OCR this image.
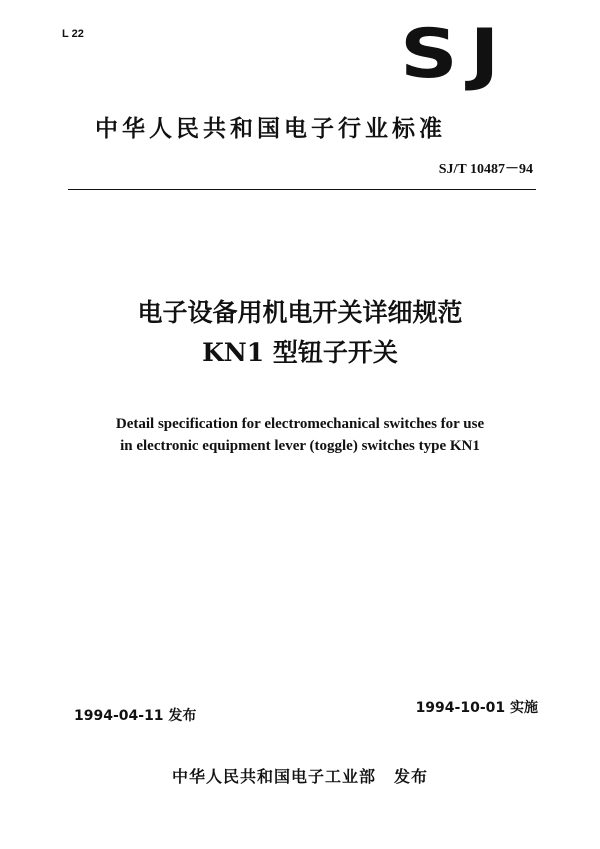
L 22	SJ
中华人民共和国电子行业标准
SJ/T 10487－94
电子设备用机电开关详细规范
KN1 型钮子开关
Detail specification for electromechanical switches for use
in electronic equipment lever (toggle) switches type KN1
1994-04-11 发布	1994-10-01 实施
中华人民共和国电子工业部 发布
